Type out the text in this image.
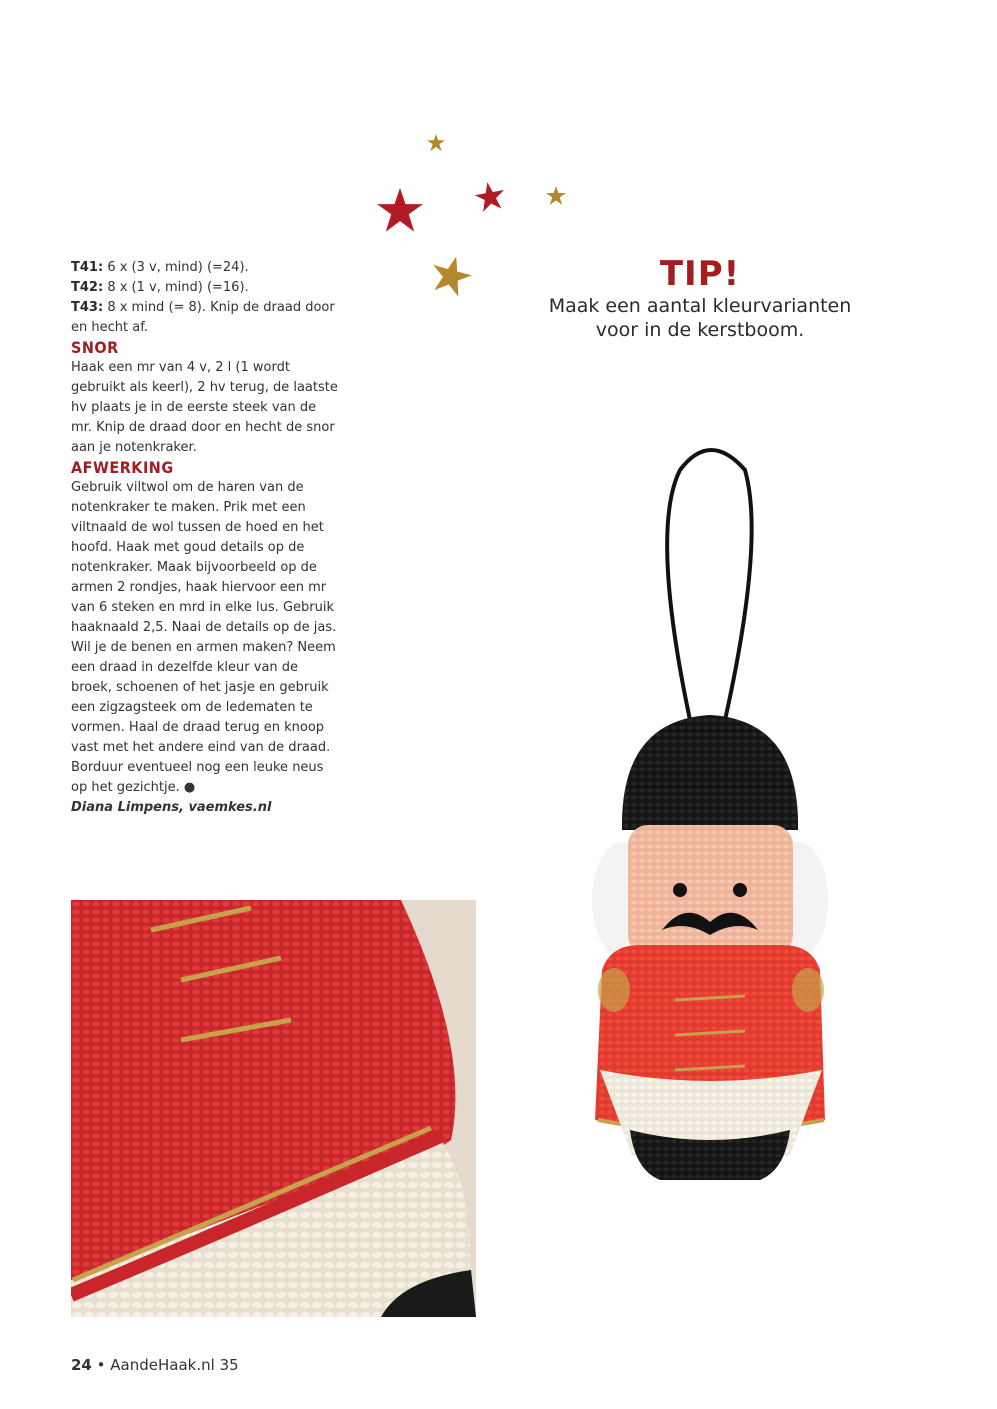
T41: 6 x (3 v, mind) (=24).

T42: 8 x (1 v, mind) (=16).

T43: 8 x mind (= 8). Knip de draad door en hecht af.

SNOR

Haak een mr van 4 v, 2 l (1 wordt gebruikt als keerl), 2 hv terug, de laatste hv plaats je in de eerste steek van de mr. Knip de draad door en hecht de snor aan je notenkraker.

AFWERKING

Gebruik viltwol om de haren van de notenkraker te maken. Prik met een viltnaald de wol tussen de hoed en het hoofd. Haak met goud details op de notenkraker. Maak bijvoorbeeld op de armen 2 rondjes, haak hiervoor een mr van 6 steken en mrd in elke lus. Gebruik haaknaald 2,5. Naai de details op de jas. Wil je de benen en armen maken? Neem een draad in dezelfde kleur van de broek, schoenen of het jasje en gebruik een zigzagsteek om de ledematen te vormen. Haal de draad terug en knoop vast met het andere eind van de draad. Borduur eventueel nog een leuke neus op het gezichtje. ●

Diana Limpens, vaemkes.nl

TIP!
Maak een aantal kleurvarianten voor in de kerstboom.
24 • AandeHaak.nl 35
